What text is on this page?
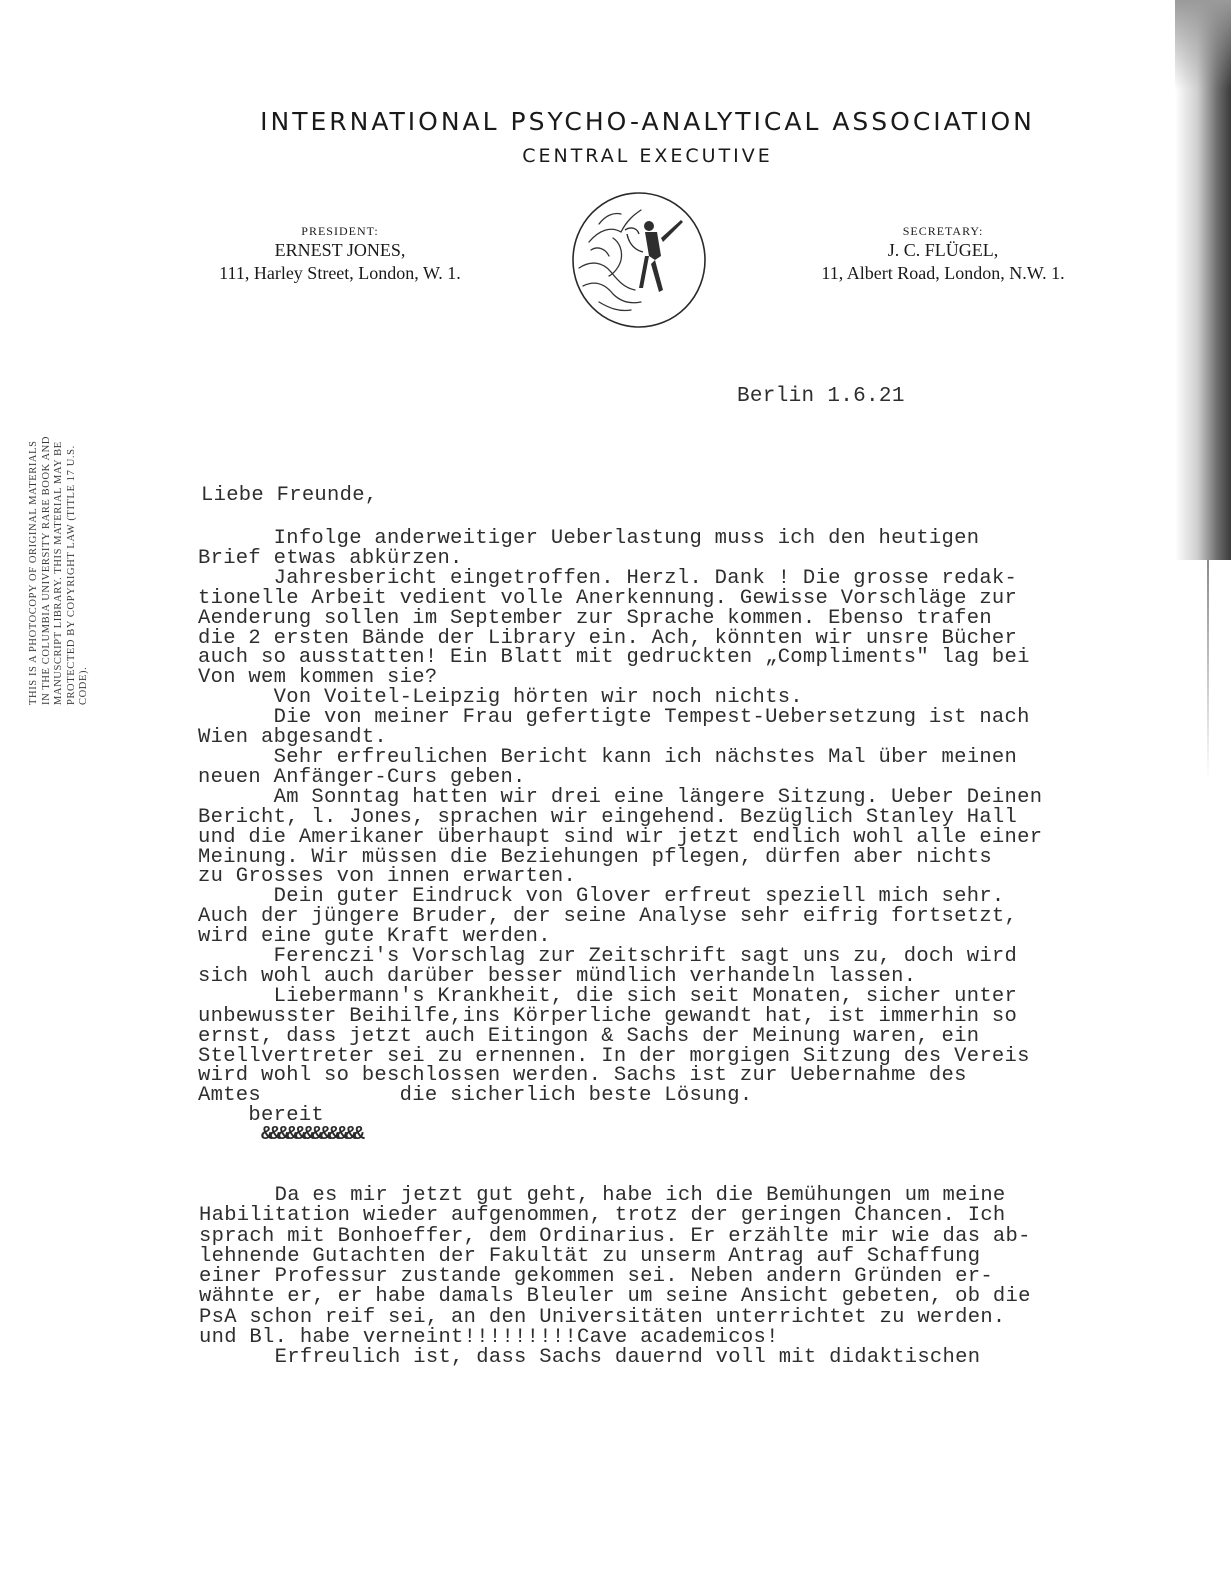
INTERNATIONAL PSYCHO-ANALYTICAL ASSOCIATION
CENTRAL EXECUTIVE
PRESIDENT:
ERNEST JONES,
111, Harley Street, London, W. 1.
SECRETARY:
J. C. FLÜGEL,
11, Albert Road, London, N.W. 1.
THIS IS A PHOTOCOPY OF ORIGINAL MATERIALS IN THE COLUMBIA UNIVERSITY RARE BOOK AND MANUSCRIPT LIBRARY. THIS MATERIAL MAY BE PROTECTED BY COPYRIGHT LAW (TITLE 17 U.S. CODE).
Berlin 1.6.21
Liebe Freunde,
Infolge anderweitiger Ueberlastung muss ich den heutigen
Brief etwas abkürzen.
Jahresbericht eingetroffen. Herzl. Dank ! Die grosse redak-
tionelle Arbeit vedient volle Anerkennung. Gewisse Vorschläge zur
Aenderung sollen im September zur Sprache kommen. Ebenso trafen
die 2 ersten Bände der Library ein. Ach, könnten wir unsre Bücher
auch so ausstatten! Ein Blatt mit gedruckten „Compliments" lag bei
Von wem kommen sie?
Von Voitel-Leipzig hörten wir noch nichts.
Die von meiner Frau gefertigte Tempest-Uebersetzung ist nach
Wien abgesandt.
Sehr erfreulichen Bericht kann ich nächstes Mal über meinen
neuen Anfänger-Curs geben.
Am Sonntag hatten wir drei eine längere Sitzung. Ueber Deinen
Bericht, l. Jones, sprachen wir eingehend. Bezüglich Stanley Hall
und die Amerikaner überhaupt sind wir jetzt endlich wohl alle einer
Meinung. Wir müssen die Beziehungen pflegen, dürfen aber nichts
zu Grosses von innen erwarten.
Dein guter Eindruck von Glover erfreut speziell mich sehr.
Auch der jüngere Bruder, der seine Analyse sehr eifrig fortsetzt,
wird eine gute Kraft werden.
Ferenczi's Vorschlag zur Zeitschrift sagt uns zu, doch wird
sich wohl auch darüber besser mündlich verhandeln lassen.
Liebermann's Krankheit, die sich seit Monaten, sicher unter
unbewusster Beihilfe,ins Körperliche gewandt hat, ist immerhin so
ernst, dass jetzt auch Eitingon & Sachs der Meinung waren, ein
Stellvertreter sei zu ernennen. In der morgigen Sitzung des Vereis
wird wohl so beschlossen werden. Sachs ist zur Uebernahme des
Amtes           die sicherlich beste Lösung.
bereit
&&&&&&&&&&&&
Da es mir jetzt gut geht, habe ich die Bemühungen um meine
Habilitation wieder aufgenommen, trotz der geringen Chancen. Ich
sprach mit Bonhoeffer, dem Ordinarius. Er erzählte mir wie das ab-
lehnende Gutachten der Fakultät zu unserm Antrag auf Schaffung
einer Professur zustande gekommen sei. Neben andern Gründen er-
wähnte er, er habe damals Bleuler um seine Ansicht gebeten, ob die
PsA schon reif sei, an den Universitäten unterrichtet zu werden.
und Bl. habe verneint!!!!!!!!!Cave academicos!
Erfreulich ist, dass Sachs dauernd voll mit didaktischen
